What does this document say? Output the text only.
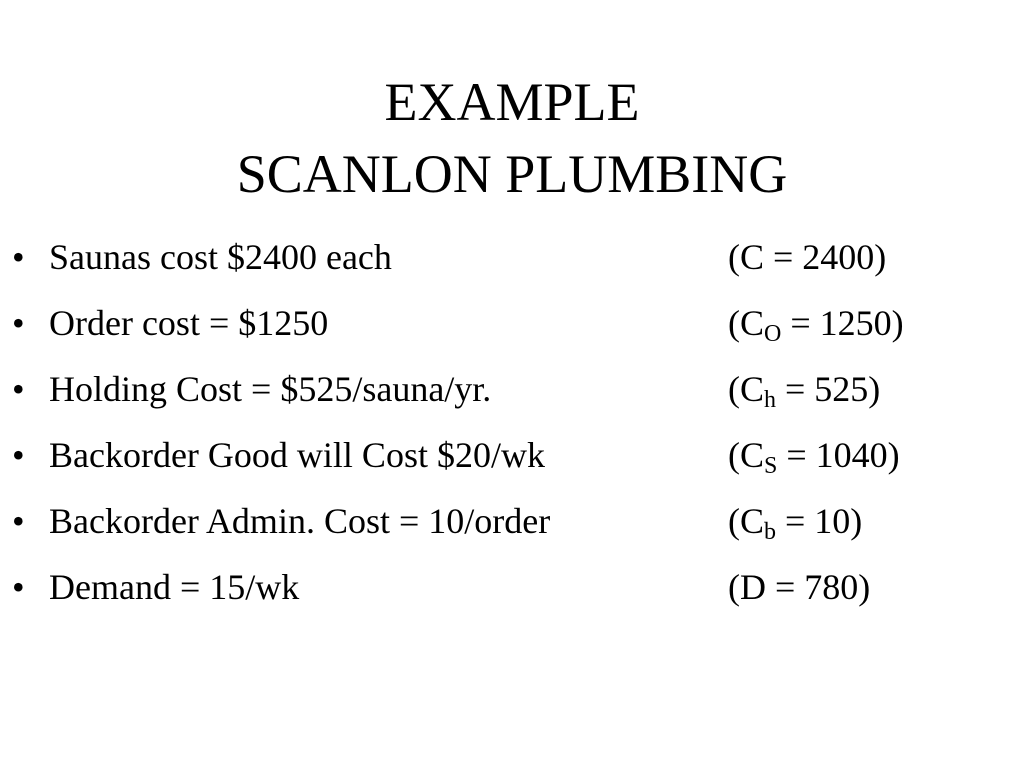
EXAMPLE
SCANLON PLUMBING
• Saunas cost $2400 each	(C = 2400)
• Order cost = $1250	$(C_O = 1250)$
• Holding Cost = $525/sauna/yr.	$(C_h = 525)$
• Backorder Good will Cost $20/wk	$(C_S = 1040)$
• Backorder Admin. Cost = 10/order	$(C_b = 10)$
• Demand = 15/wk	(D = 780)
